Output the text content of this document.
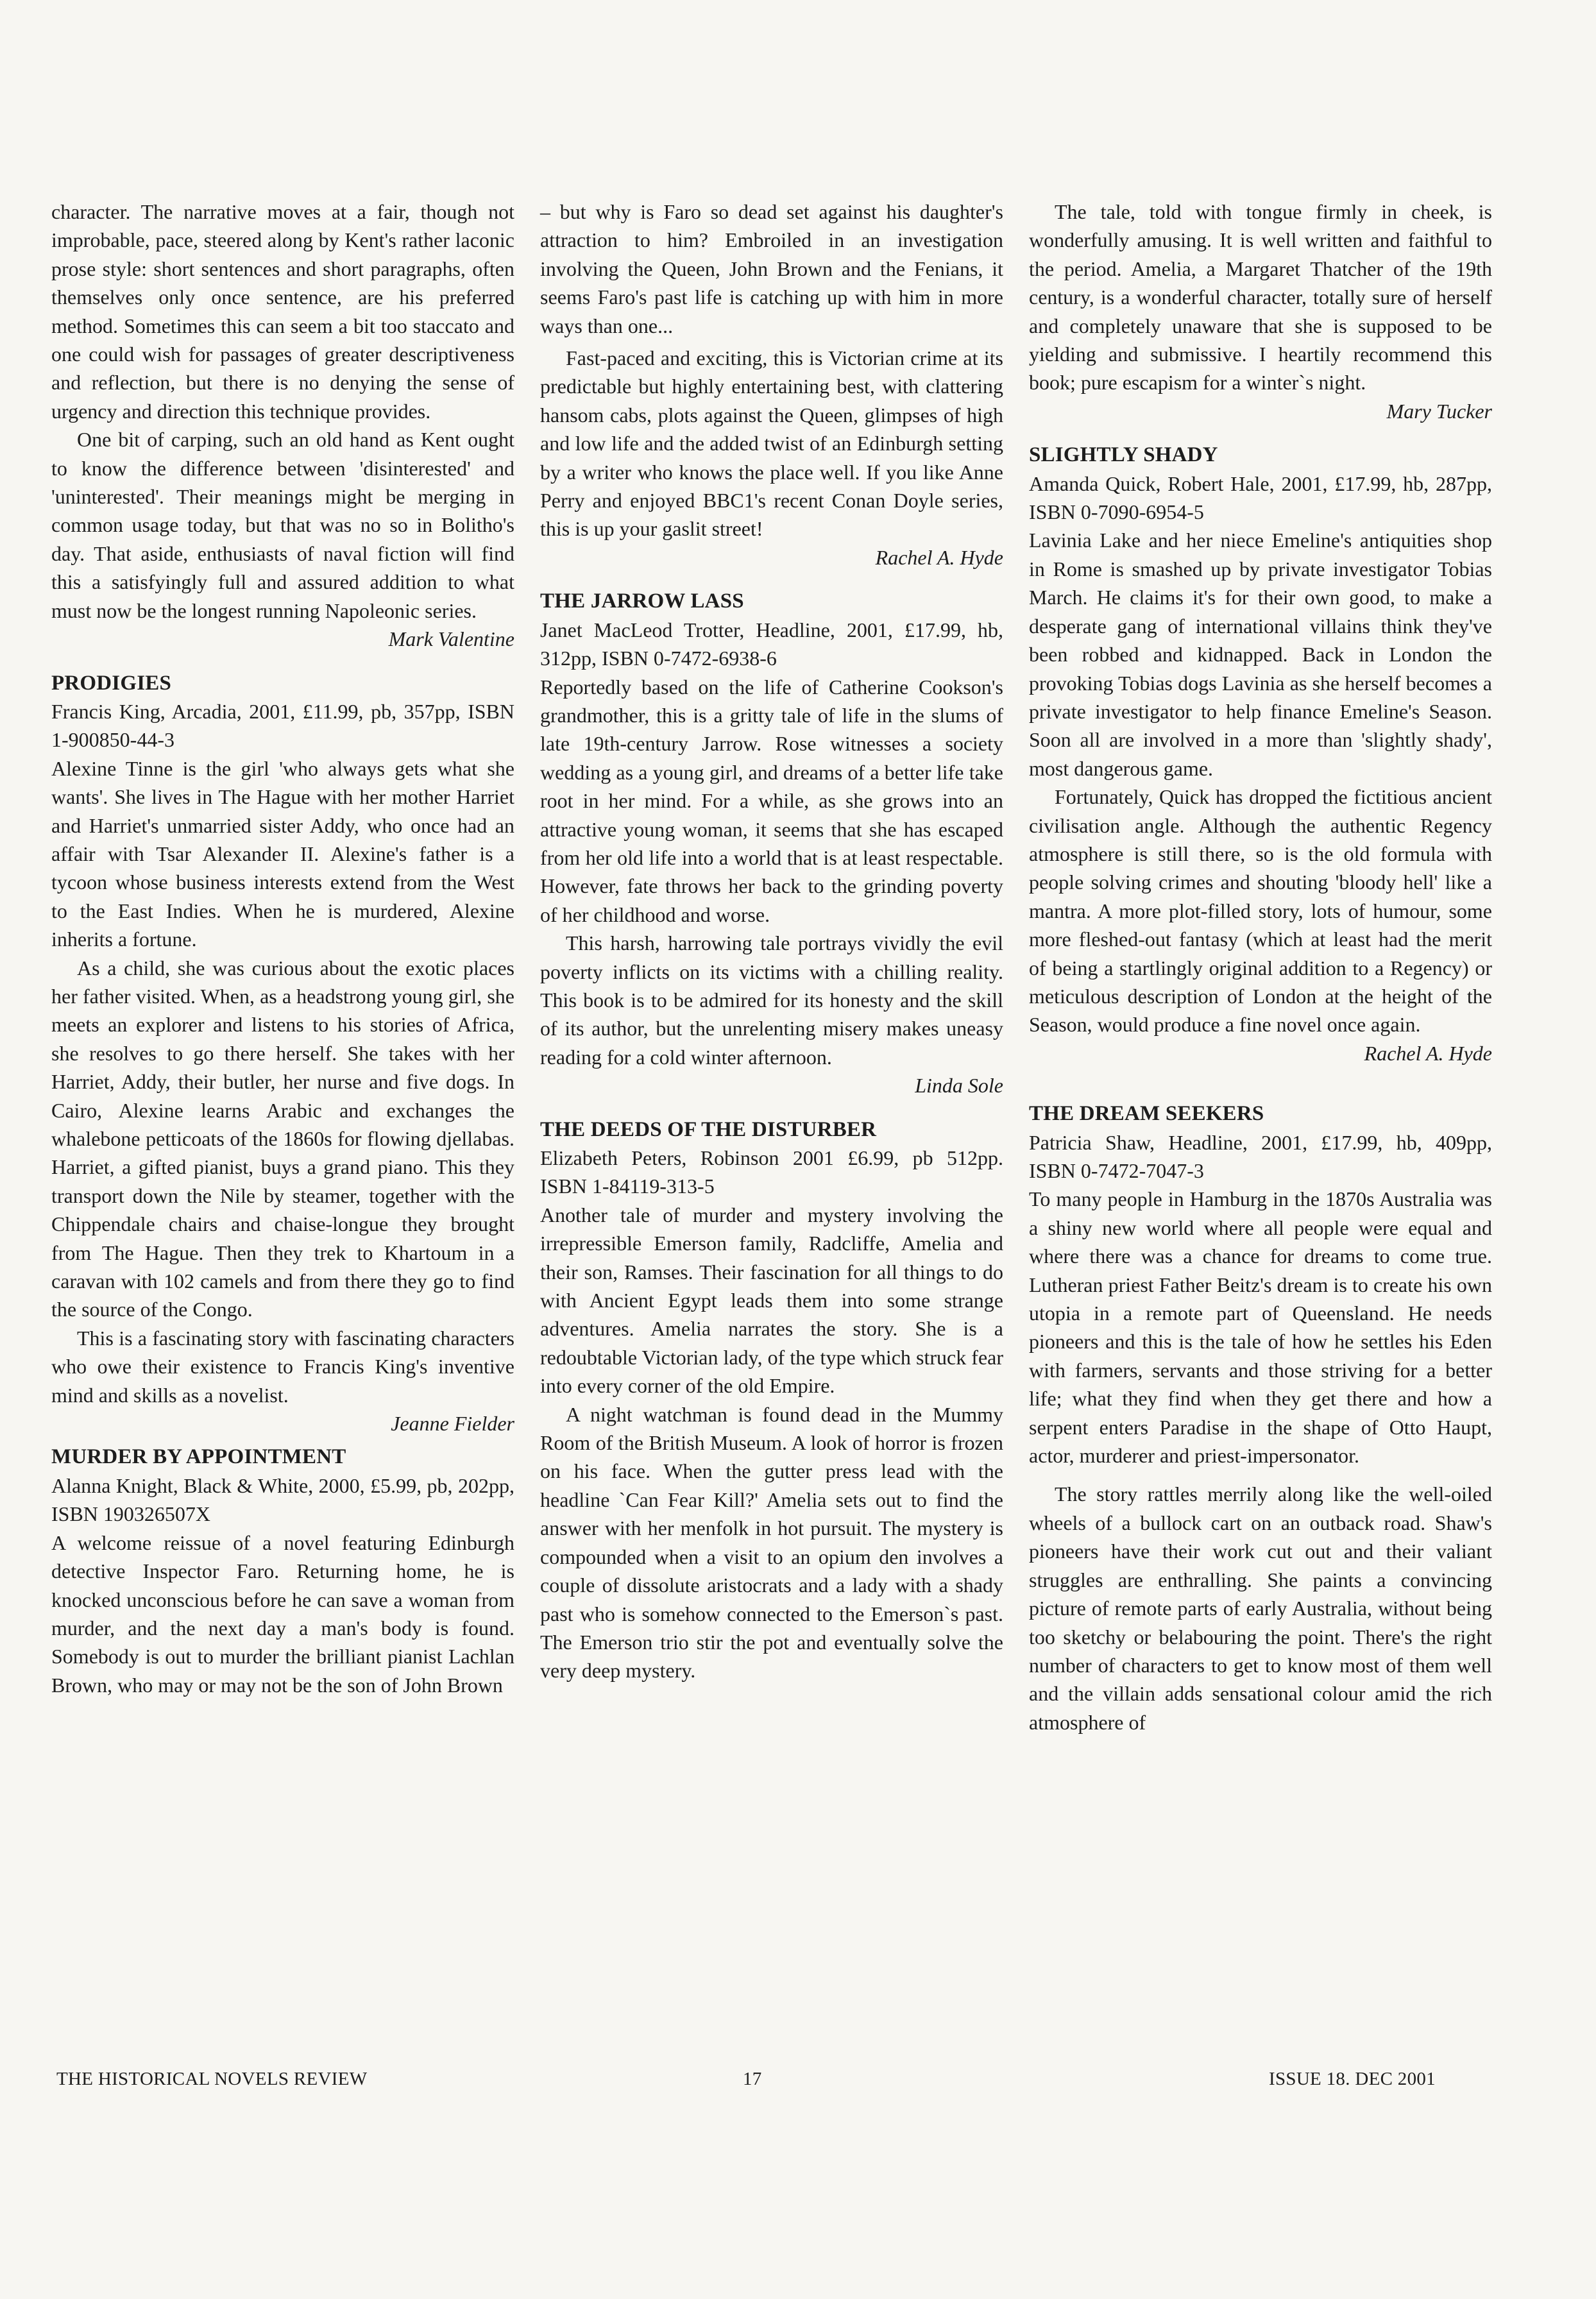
character. The narrative moves at a fair, though not improbable, pace, steered along by Kent's rather laconic prose style: short sentences and short paragraphs, often themselves only once sentence, are his preferred method. Sometimes this can seem a bit too staccato and one could wish for passages of greater descriptiveness and reflection, but there is no denying the sense of urgency and direction this technique provides.

One bit of carping, such an old hand as Kent ought to know the difference between 'disinterested' and 'uninterested'. Their meanings might be merging in common usage today, but that was no so in Bolitho's day. That aside, enthusiasts of naval fiction will find this a satisfyingly full and assured addition to what must now be the longest running Napoleonic series.

Mark Valentine

PRODIGIES

Francis King, Arcadia, 2001, £11.99, pb, 357pp, ISBN 1-900850-44-3

Alexine Tinne is the girl 'who always gets what she wants'. She lives in The Hague with her mother Harriet and Harriet's unmarried sister Addy, who once had an affair with Tsar Alexander II. Alexine's father is a tycoon whose business interests extend from the West to the East Indies. When he is murdered, Alexine inherits a fortune.

As a child, she was curious about the exotic places her father visited. When, as a headstrong young girl, she meets an explorer and listens to his stories of Africa, she resolves to go there herself. She takes with her Harriet, Addy, their butler, her nurse and five dogs. In Cairo, Alexine learns Arabic and exchanges the whalebone petticoats of the 1860s for flowing djellabas. Harriet, a gifted pianist, buys a grand piano. This they transport down the Nile by steamer, together with the Chippendale chairs and chaise-longue they brought from The Hague. Then they trek to Khartoum in a caravan with 102 camels and from there they go to find the source of the Congo.

This is a fascinating story with fascinating characters who owe their existence to Francis King's inventive mind and skills as a novelist.

Jeanne Fielder

MURDER BY APPOINTMENT

Alanna Knight, Black & White, 2000, £5.99, pb, 202pp, ISBN 190326507X

A welcome reissue of a novel featuring Edinburgh detective Inspector Faro. Returning home, he is knocked unconscious before he can save a woman from murder, and the next day a man's body is found. Somebody is out to murder the brilliant pianist Lachlan Brown, who may or may not be the son of John Brown

– but why is Faro so dead set against his daughter's attraction to him? Embroiled in an investigation involving the Queen, John Brown and the Fenians, it seems Faro's past life is catching up with him in more ways than one...

Fast-paced and exciting, this is Victorian crime at its predictable but highly entertaining best, with clattering hansom cabs, plots against the Queen, glimpses of high and low life and the added twist of an Edinburgh setting by a writer who knows the place well. If you like Anne Perry and enjoyed BBC1's recent Conan Doyle series, this is up your gaslit street!

Rachel A. Hyde

THE JARROW LASS

Janet MacLeod Trotter, Headline, 2001, £17.99, hb, 312pp, ISBN 0-7472-6938-6

Reportedly based on the life of Catherine Cookson's grandmother, this is a gritty tale of life in the slums of late 19th-century Jarrow. Rose witnesses a society wedding as a young girl, and dreams of a better life take root in her mind. For a while, as she grows into an attractive young woman, it seems that she has escaped from her old life into a world that is at least respectable. However, fate throws her back to the grinding poverty of her childhood and worse.

This harsh, harrowing tale portrays vividly the evil poverty inflicts on its victims with a chilling reality. This book is to be admired for its honesty and the skill of its author, but the unrelenting misery makes uneasy reading for a cold winter afternoon.

Linda Sole

THE DEEDS OF THE DISTURBER

Elizabeth Peters, Robinson 2001 £6.99, pb 512pp. ISBN 1-84119-313-5

Another tale of murder and mystery involving the irrepressible Emerson family, Radcliffe, Amelia and their son, Ramses. Their fascination for all things to do with Ancient Egypt leads them into some strange adventures. Amelia narrates the story. She is a redoubtable Victorian lady, of the type which struck fear into every corner of the old Empire.

A night watchman is found dead in the Mummy Room of the British Museum. A look of horror is frozen on his face. When the gutter press lead with the headline `Can Fear Kill?' Amelia sets out to find the answer with her menfolk in hot pursuit. The mystery is compounded when a visit to an opium den involves a couple of dissolute aristocrats and a lady with a shady past who is somehow connected to the Emerson`s past. The Emerson trio stir the pot and eventually solve the very deep mystery.

The tale, told with tongue firmly in cheek, is wonderfully amusing. It is well written and faithful to the period. Amelia, a Margaret Thatcher of the 19th century, is a wonderful character, totally sure of herself and completely unaware that she is supposed to be yielding and submissive. I heartily recommend this book; pure escapism for a winter`s night.

Mary Tucker

SLIGHTLY SHADY

Amanda Quick, Robert Hale, 2001, £17.99, hb, 287pp, ISBN 0-7090-6954-5

Lavinia Lake and her niece Emeline's antiquities shop in Rome is smashed up by private investigator Tobias March. He claims it's for their own good, to make a desperate gang of international villains think they've been robbed and kidnapped. Back in London the provoking Tobias dogs Lavinia as she herself becomes a private investigator to help finance Emeline's Season. Soon all are involved in a more than 'slightly shady', most dangerous game.

Fortunately, Quick has dropped the fictitious ancient civilisation angle. Although the authentic Regency atmosphere is still there, so is the old formula with people solving crimes and shouting 'bloody hell' like a mantra. A more plot-filled story, lots of humour, some more fleshed-out fantasy (which at least had the merit of being a startlingly original addition to a Regency) or meticulous description of London at the height of the Season, would produce a fine novel once again.

Rachel A. Hyde

THE DREAM SEEKERS

Patricia Shaw, Headline, 2001, £17.99, hb, 409pp, ISBN 0-7472-7047-3

To many people in Hamburg in the 1870s Australia was a shiny new world where all people were equal and where there was a chance for dreams to come true. Lutheran priest Father Beitz's dream is to create his own utopia in a remote part of Queensland. He needs pioneers and this is the tale of how he settles his Eden with farmers, servants and those striving for a better life; what they find when they get there and how a serpent enters Paradise in the shape of Otto Haupt, actor, murderer and priest-impersonator.

The story rattles merrily along like the well-oiled wheels of a bullock cart on an outback road. Shaw's pioneers have their work cut out and their valiant struggles are enthralling. She paints a convincing picture of remote parts of early Australia, without being too sketchy or belabouring the point. There's the right number of characters to get to know most of them well and the villain adds sensational colour amid the rich atmosphere of

THE HISTORICAL NOVELS REVIEW	17	ISSUE 18. DEC 2001
